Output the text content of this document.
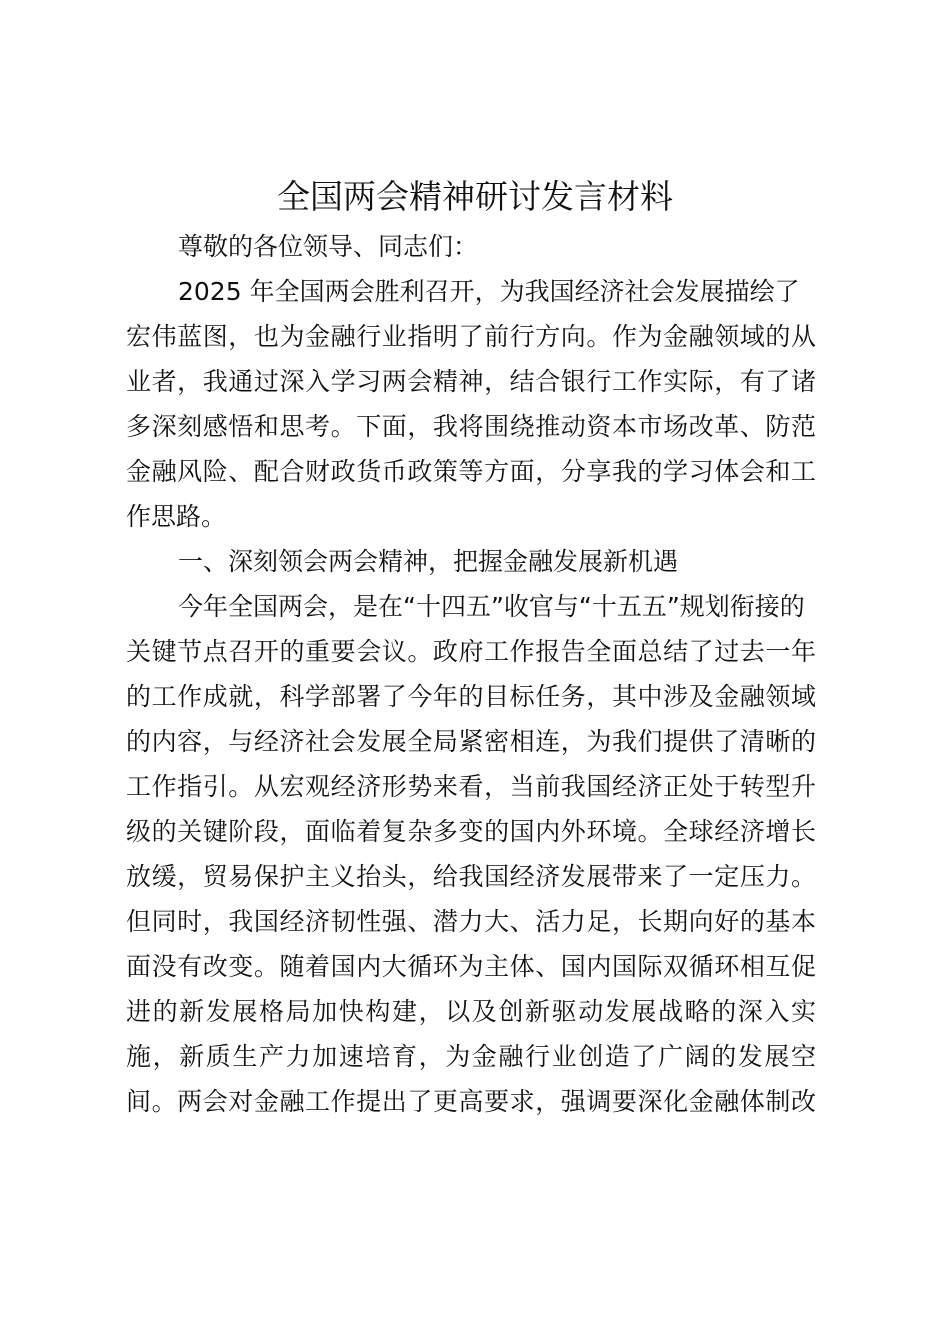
全国两会精神研讨发言材料

尊敬的各位领导、同志们：

2025 年全国两会胜利召开，为我国经济社会发展描绘了

宏伟蓝图，也为金融行业指明了前行方向。作为金融领域的从

业者，我通过深入学习两会精神，结合银行工作实际，有了诸

多深刻感悟和思考。下面，我将围绕推动资本市场改革、防范

金融风险、配合财政货币政策等方面，分享我的学习体会和工

作思路。

一、深刻领会两会精神，把握金融发展新机遇

今年全国两会，是在“十四五”收官与“十五五”规划衔接的

关键节点召开的重要会议。政府工作报告全面总结了过去一年

的工作成就，科学部署了今年的目标任务，其中涉及金融领域

的内容，与经济社会发展全局紧密相连，为我们提供了清晰的

工作指引。从宏观经济形势来看，当前我国经济正处于转型升

级的关键阶段，面临着复杂多变的国内外环境。全球经济增长

放缓，贸易保护主义抬头，给我国经济发展带来了一定压力。

但同时，我国经济韧性强、潜力大、活力足，长期向好的基本

面没有改变。随着国内大循环为主体、国内国际双循环相互促

进的新发展格局加快构建，以及创新驱动发展战略的深入实

施，新质生产力加速培育，为金融行业创造了广阔的发展空

间。两会对金融工作提出了更高要求，强调要深化金融体制改
